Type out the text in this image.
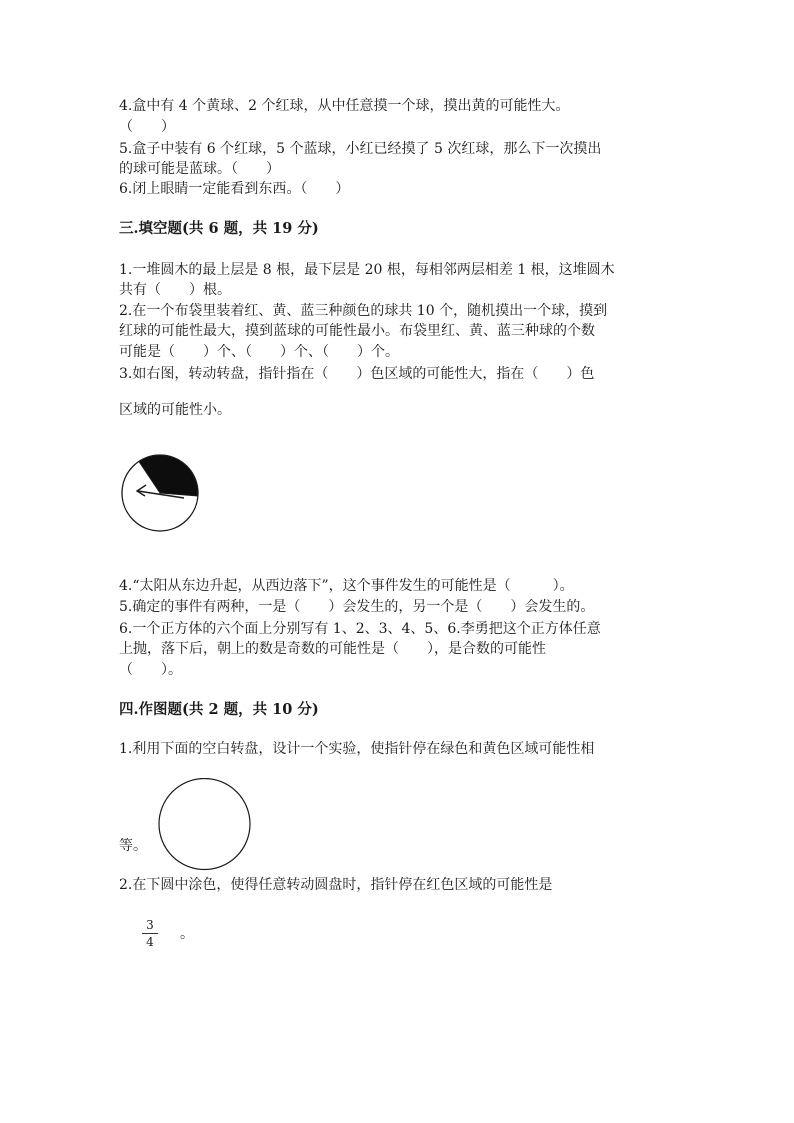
4.盒中有 4 个黄球、2 个红球，从中任意摸一个球，摸出黄的可能性大。
（　　）
5.盒子中装有 6 个红球，5 个蓝球，小红已经摸了 5 次红球，那么下一次摸出
的球可能是蓝球。（　　）
6.闭上眼睛一定能看到东西。（　　）
三.填空题(共 6 题，共 19 分)
1.一堆圆木的最上层是 8 根，最下层是 20 根，每相邻两层相差 1 根，这堆圆木
共有（　　）根。
2.在一个布袋里装着红、黄、蓝三种颜色的球共 10 个，随机摸出一个球，摸到
红球的可能性最大，摸到蓝球的可能性最小。布袋里红、黄、蓝三种球的个数
可能是（　　）个、（　　）个、（　　）个。
3.如右图，转动转盘，指针指在（　　）色区域的可能性大，指在（　　）色
区域的可能性小。
4.“太阳从东边升起，从西边落下”，这个事件发生的可能性是（　　　）。
5.确定的事件有两种，一是（　　）会发生的，另一个是（　　）会发生的。
6.一个正方体的六个面上分别写有 1、2、3、4、5、6.李勇把这个正方体任意
上抛，落下后，朝上的数是奇数的可能性是（　　），是合数的可能性
（　　）。
四.作图题(共 2 题，共 10 分)
1.利用下面的空白转盘，设计一个实验，使指针停在绿色和黄色区域可能性相
等。
2.在下圆中涂色，使得任意转动圆盘时，指针停在红色区域的可能性是
3
4 。
